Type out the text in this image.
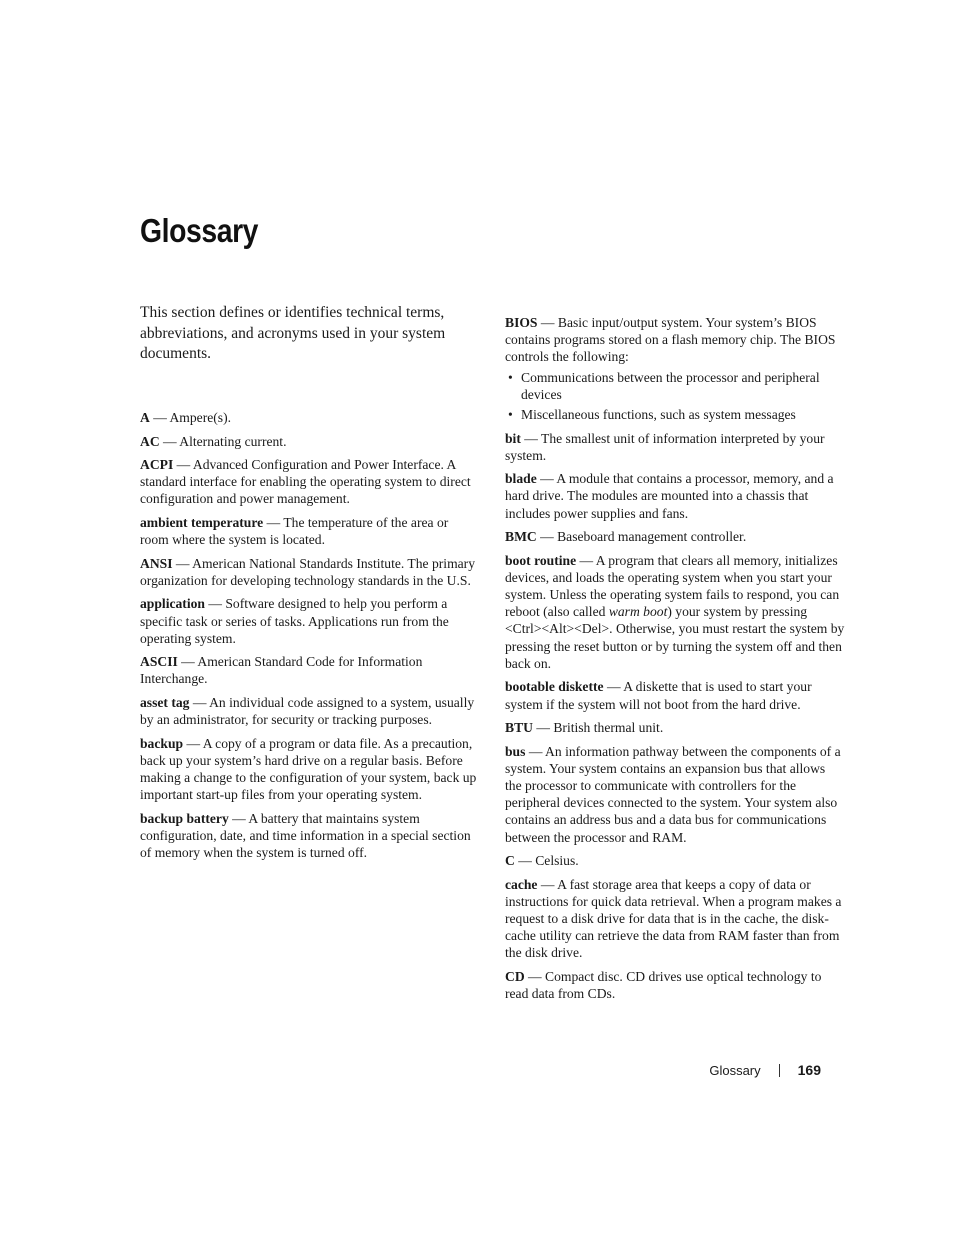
Glossary

This section defines or identifies technical terms, abbreviations, and acronyms used in your system documents.

A — Ampere(s).

AC — Alternating current.

ACPI — Advanced Configuration and Power Interface. A standard interface for enabling the operating system to direct configuration and power management.

ambient temperature — The temperature of the area or room where the system is located.

ANSI — American National Standards Institute. The primary organization for developing technology standards in the U.S.

application — Software designed to help you perform a specific task or series of tasks. Applications run from the operating system.

ASCII — American Standard Code for Information Interchange.

asset tag — An individual code assigned to a system, usually by an administrator, for security or tracking purposes.

backup — A copy of a program or data file. As a precaution, back up your system’s hard drive on a regular basis. Before making a change to the configuration of your system, back up important start-up files from your operating system.

backup battery — A battery that maintains system configuration, date, and time information in a special section of memory when the system is turned off.

BIOS — Basic input/output system. Your system’s BIOS contains programs stored on a flash memory chip. The BIOS controls the following:

• Communications between the processor and peripheral devices
• Miscellaneous functions, such as system messages

bit — The smallest unit of information interpreted by your system.

blade — A module that contains a processor, memory, and a hard drive. The modules are mounted into a chassis that includes power supplies and fans.

BMC — Baseboard management controller.

boot routine — A program that clears all memory, initializes devices, and loads the operating system when you start your system. Unless the operating system fails to respond, you can reboot (also called warm boot) your system by pressing <Ctrl><Alt><Del>. Otherwise, you must restart the system by pressing the reset button or by turning the system off and then back on.

bootable diskette — A diskette that is used to start your system if the system will not boot from the hard drive.

BTU — British thermal unit.

bus — An information pathway between the components of a system. Your system contains an expansion bus that allows the processor to communicate with controllers for the peripheral devices connected to the system. Your system also contains an address bus and a data bus for communications between the processor and RAM.

C — Celsius.

cache — A fast storage area that keeps a copy of data or instructions for quick data retrieval. When a program makes a request to a disk drive for data that is in the cache, the disk-cache utility can retrieve the data from RAM faster than from the disk drive.

CD — Compact disc. CD drives use optical technology to read data from CDs.

Glossary	169
